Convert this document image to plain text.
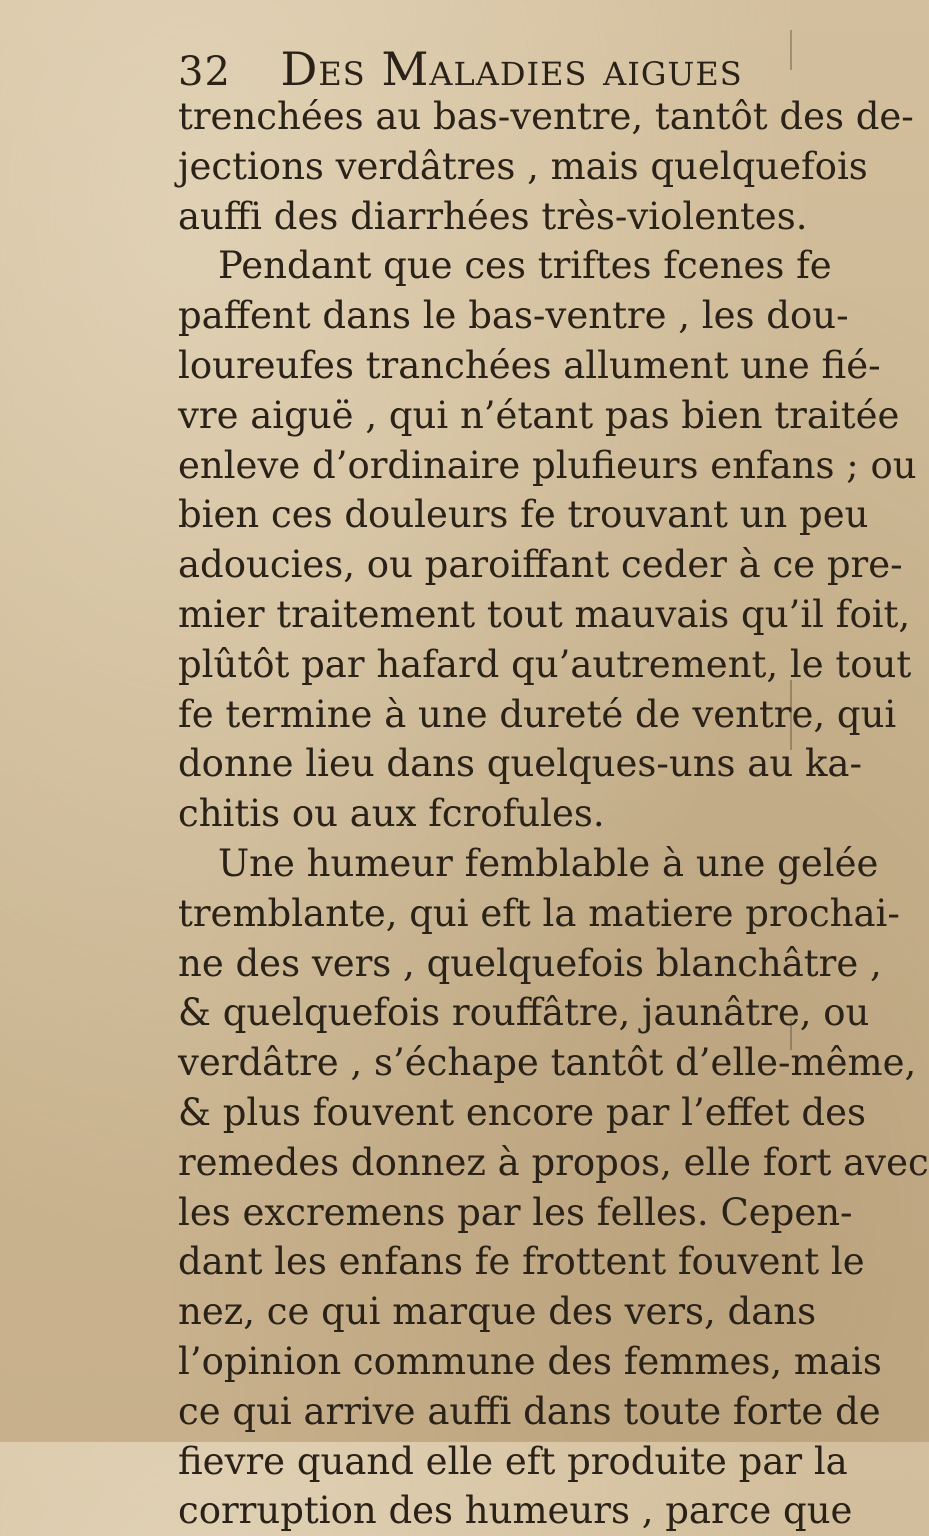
32 Des Maladies aigues
trenchées au bas-ventre, tantôt des de-
jections verdâtres , mais quelquefois
auffi des diarrhées très-violentes.
Pendant que ces triftes fcenes fe
paffent dans le bas-ventre , les dou-
loureufes tranchées allument une fié-
vre aiguë , qui n’étant pas bien traitée
enleve d’ordinaire plufieurs enfans ; ou
bien ces douleurs fe trouvant un peu
adoucies, ou paroiffant ceder à ce pre-
mier traitement tout mauvais qu’il foit,
plûtôt par hafard qu’autrement, le tout
fe termine à une dureté de ventre, qui
donne lieu dans quelques-uns au ka-
chitis ou aux fcrofules.
Une humeur femblable à une gelée
tremblante, qui eft la matiere prochai-
ne des vers , quelquefois blanchâtre ,
& quelquefois rouffâtre, jaunâtre, ou
verdâtre , s’échape tantôt d’elle-même,
& plus fouvent encore par l’effet des
remedes donnez à propos, elle fort avec
les excremens par les felles. Cepen-
dant les enfans fe frottent fouvent le
nez, ce qui marque des vers, dans
l’opinion commune des femmes, mais
ce qui arrive auffi dans toute forte de
fievre quand elle eft produite par la
corruption des humeurs , parce que
